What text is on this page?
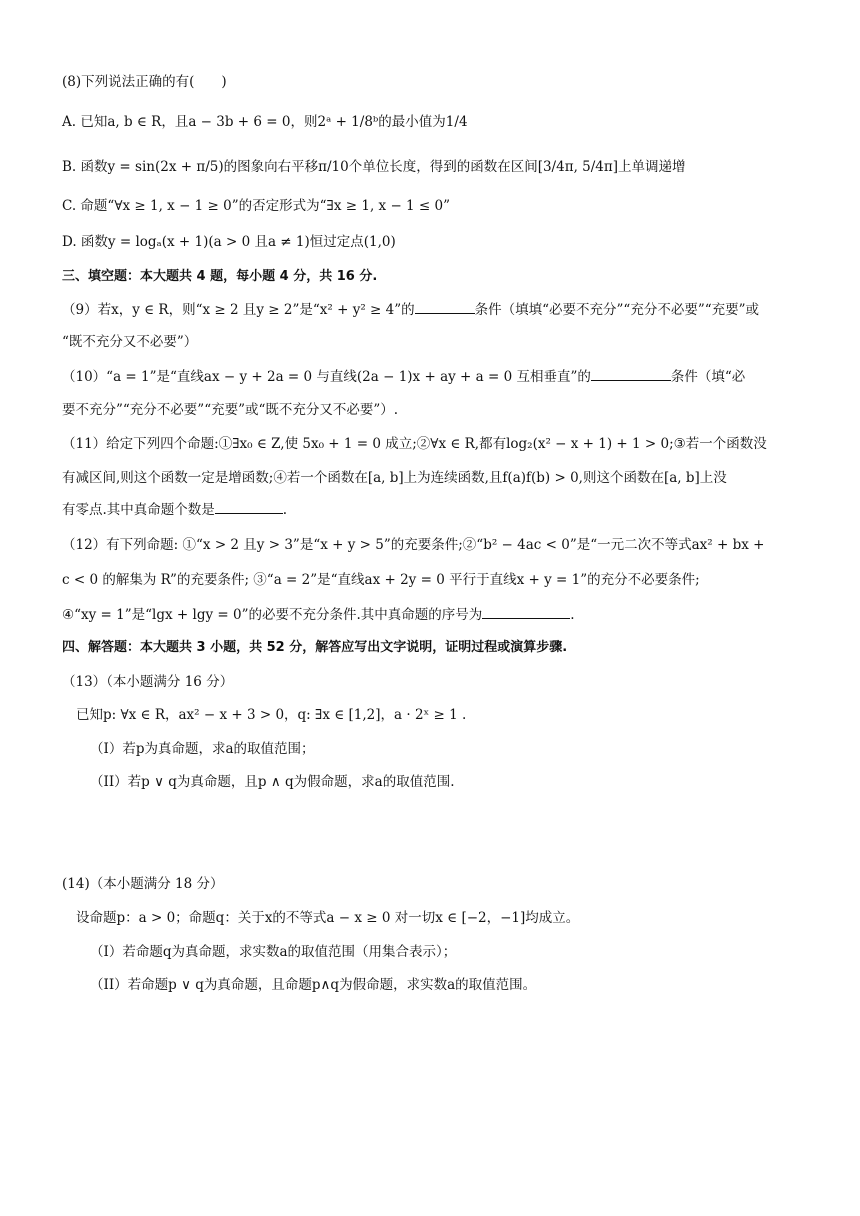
(8)下列说法正确的有(　　)
A. 已知a, b ∈ R，且a − 3b + 6 = 0，则2ᵃ + 1/8ᵇ的最小值为1/4
B. 函数y = sin(2x + π/5)的图象向右平移π/10个单位长度，得到的函数在区间[3/4π, 5/4π]上单调递增
C. 命题“∀x ≥ 1, x − 1 ≥ 0”的否定形式为“∃x ≥ 1, x − 1 ≤ 0”
D. 函数y = logₐ(x + 1)(a > 0 且a ≠ 1)恒过定点(1,0)
三、填空题：本大题共 4 题，每小题 4 分，共 16 分.
（9）若x，y ∈ R，则“x ≥ 2 且y ≥ 2”是“x² + y² ≥ 4”的	条件（填填“必要不充分”“充分不必要”“充要”或
“既不充分又不必要”）
（10）“a = 1”是“直线ax − y + 2a = 0 与直线(2a − 1)x + ay + a = 0 互相垂直”的	条件（填“必
要不充分”“充分不必要”“充要”或“既不充分又不必要”）.
（11）给定下列四个命题:①∃x₀ ∈ Z,使 5x₀ + 1 = 0 成立;②∀x ∈ R,都有log₂(x² − x + 1) + 1 > 0;③若一个函数没
有减区间,则这个函数一定是增函数;④若一个函数在[a, b]上为连续函数,且f(a)f(b) > 0,则这个函数在[a, b]上没
有零点.其中真命题个数是	.
（12）有下列命题: ①“x > 2 且y > 3”是“x + y > 5”的充要条件;②“b² − 4ac < 0”是“一元二次不等式ax² + bx +
c < 0 的解集为 R”的充要条件; ③“a = 2”是“直线ax + 2y = 0 平行于直线x + y = 1”的充分不必要条件;
④“xy = 1”是“lgx + lgy = 0”的必要不充分条件.其中真命题的序号为	.
四、解答题：本大题共 3 小题，共 52 分，解答应写出文字说明，证明过程或演算步骤.
（13）（本小题满分 16 分）
已知p: ∀x ∈ R，ax² − x + 3 > 0，q: ∃x ∈ [1,2]，a · 2ˣ ≥ 1 .
（I）若p为真命题，求a的取值范围；
（II）若p ∨ q为真命题，且p ∧ q为假命题，求a的取值范围.
(14)（本小题满分 18 分）
设命题p：a > 0；命题q：关于x的不等式a − x ≥ 0 对一切x ∈ [−2，−1]均成立。
（I）若命题q为真命题，求实数a的取值范围（用集合表示）；
（II）若命题p ∨ q为真命题，且命题p∧q为假命题，求实数a的取值范围。
